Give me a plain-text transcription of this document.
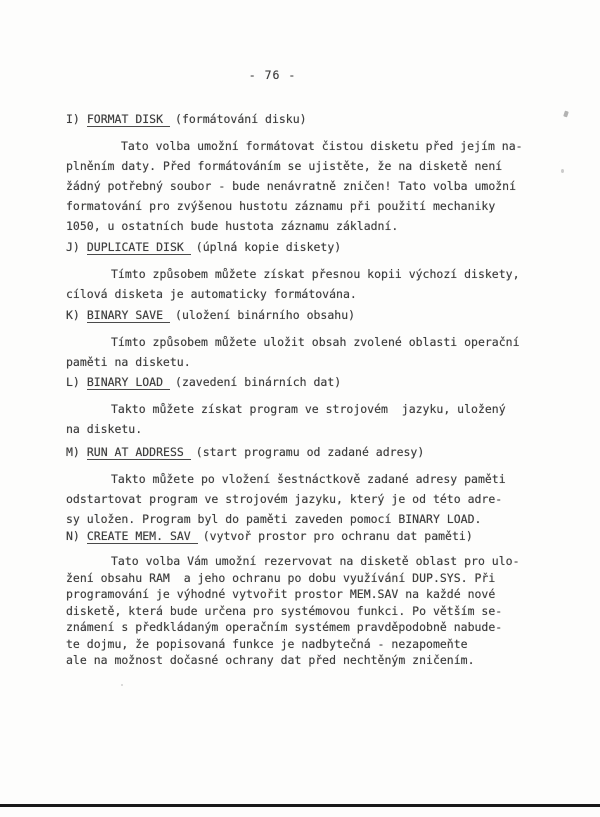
- 76 -
I) FORMAT DISK (formátování disku)
Tato volba umožní formátovat čistou disketu před jejím na-
plněním daty. Před formátováním se ujistěte, že na disketě není
žádný potřebný soubor - bude nenávratně zničen! Tato volba umožní
formatování pro zvýšenou hustotu záznamu při použití mechaniky
1050, u ostatních bude hustota záznamu základní.
J) DUPLICATE DISK (úplná kopie diskety)
Tímto způsobem můžete získat přesnou kopii výchozí diskety,
cílová disketa je automaticky formátována.
K) BINARY SAVE (uložení binárního obsahu)
Tímto způsobem můžete uložit obsah zvolené oblasti operační
paměti na disketu.
L) BINARY LOAD (zavedení binárních dat)
Takto můžete získat program ve strojovém  jazyku, uložený
na disketu.
M) RUN AT ADDRESS (start programu od zadané adresy)
Takto můžete po vložení šestnáctkově zadané adresy paměti
odstartovat program ve strojovém jazyku, který je od této adre-
sy uložen. Program byl do paměti zaveden pomocí BINARY LOAD.
N) CREATE MEM. SAV (vytvoř prostor pro ochranu dat paměti)
Tato volba Vám umožní rezervovat na disketě oblast pro ulo-
žení obsahu RAM  a jeho ochranu po dobu využívání DUP.SYS. Při
programování je výhodné vytvořit prostor MEM.SAV na každé nové
disketě, která bude určena pro systémovou funkci. Po větším se-
známení s předkládaným operačním systémem pravděpodobně nabude-
te dojmu, že popisovaná funkce je nadbytečná - nezapomeňte
ale na možnost dočasné ochrany dat před nechtěným zničením.
